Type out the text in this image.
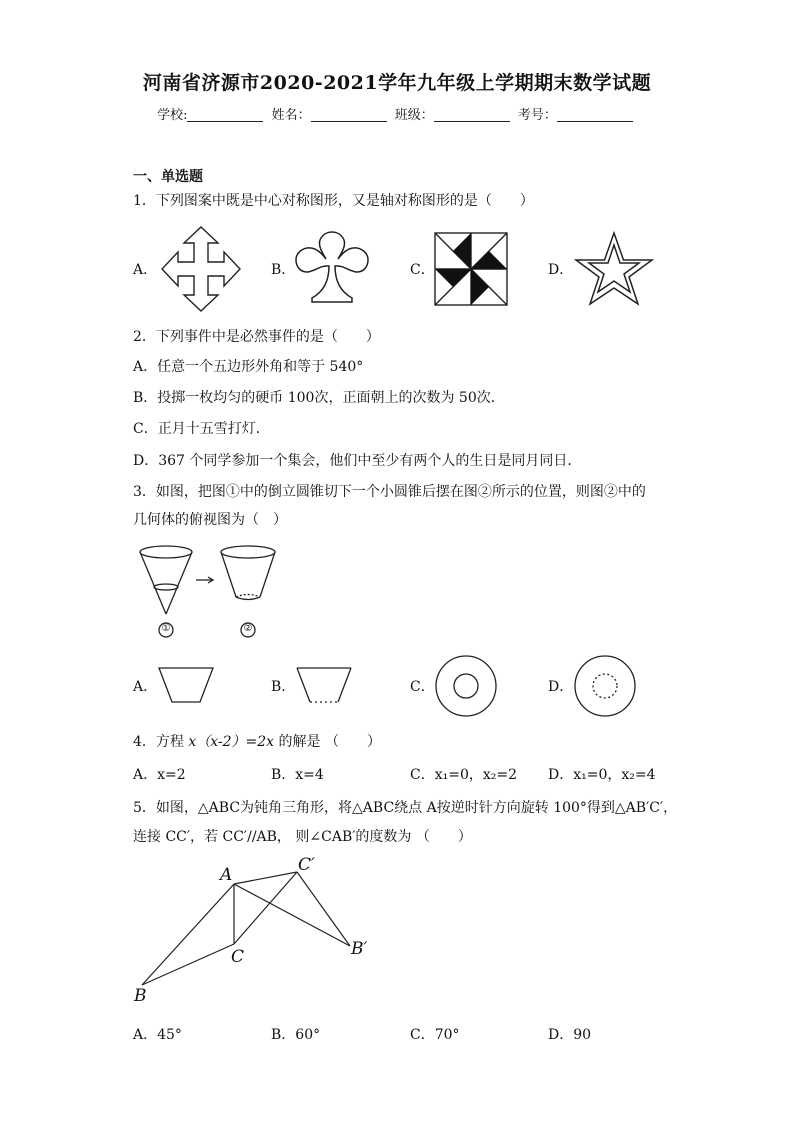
河南省济源市2020-2021学年九年级上学期期末数学试题
学校:	姓名：	班级：	考号：
一、单选题
1．下列图案中既是中心对称图形，又是轴对称图形的是（　　）
A．	B．	C．	D．
2．下列事件中是必然事件的是（　　）
A．任意一个五边形外角和等于 540°
B．投掷一枚均匀的硬币 100次，正面朝上的次数为 50次．
C．正月十五雪打灯．
D．367 个同学参加一个集会，他们中至少有两个人的生日是同月同日．
3．如图，把图①中的倒立圆锥切下一个小圆锥后摆在图②所示的位置，则图②中的几何体的俯视图为（　）
①	②
A．	B．	C．	D．
4．方程 x（x-2）=2x 的解是 （　　）
A．x=2	B．x=4	C．x₁=0，x₂=2 D．x₁=0，x₂=4
5．如图，△ABC为钝角三角形，将△ABC绕点 A按逆时针方向旋转 100°得到△AB′C′，
连接 CC′，若 CC′//AB， 则∠CAB′的度数为 （　　）
A	C′
C	B′
B
A．45°	B．60°	C．70°	D．90
